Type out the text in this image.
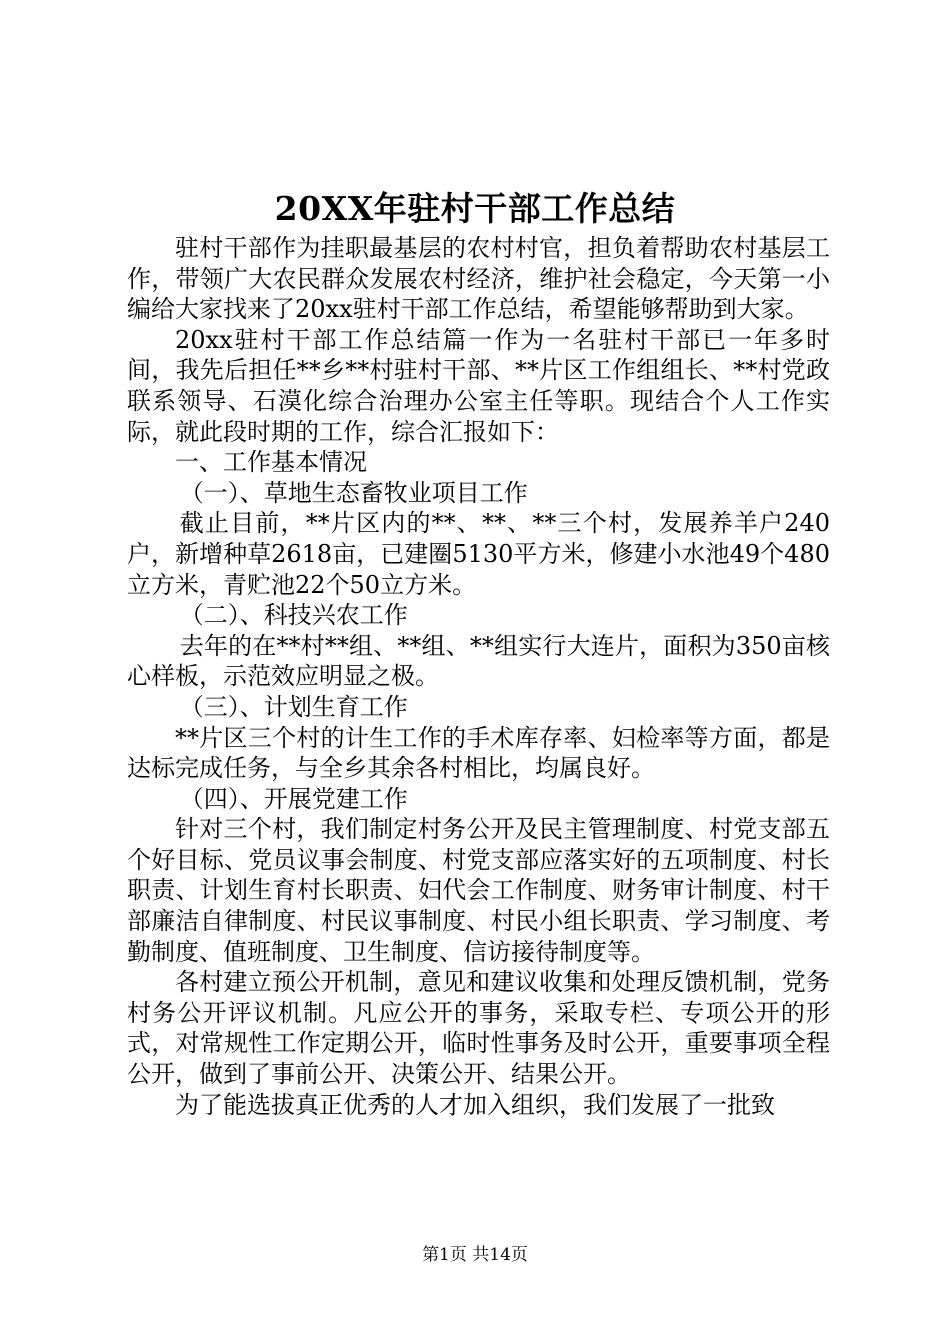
20XX年驻村干部工作总结

驻村干部作为挂职最基层的农村村官，担负着帮助农村基层工作，带领广大农民群众发展农村经济，维护社会稳定，今天第一小编给大家找来了20xx驻村干部工作总结，希望能够帮助到大家。

20xx驻村干部工作总结篇一作为一名驻村干部已一年多时间，我先后担任**乡**村驻村干部、**片区工作组组长、**村党政联系领导、石漠化综合治理办公室主任等职。现结合个人工作实际，就此段时期的工作，综合汇报如下：

一、工作基本情况

（一）、草地生态畜牧业项目工作

截止目前，**片区内的**、**、**三个村，发展养羊户240户，新增种草2618亩，已建圈5130平方米，修建小水池49个480立方米，青贮池22个50立方米。

（二）、科技兴农工作

去年的在**村**组、**组、**组实行大连片，面积为350亩核心样板，示范效应明显之极。

（三）、计划生育工作

**片区三个村的计生工作的手术库存率、妇检率等方面，都是达标完成任务，与全乡其余各村相比，均属良好。

（四）、开展党建工作

针对三个村，我们制定村务公开及民主管理制度、村党支部五个好目标、党员议事会制度、村党支部应落实好的五项制度、村长职责、计划生育村长职责、妇代会工作制度、财务审计制度、村干部廉洁自律制度、村民议事制度、村民小组长职责、学习制度、考勤制度、值班制度、卫生制度、信访接待制度等。

各村建立预公开机制，意见和建议收集和处理反馈机制，党务村务公开评议机制。凡应公开的事务，采取专栏、专项公开的形式，对常规性工作定期公开，临时性事务及时公开，重要事项全程公开，做到了事前公开、决策公开、结果公开。

为了能选拔真正优秀的人才加入组织，我们发展了一批致

第1页 共14页
